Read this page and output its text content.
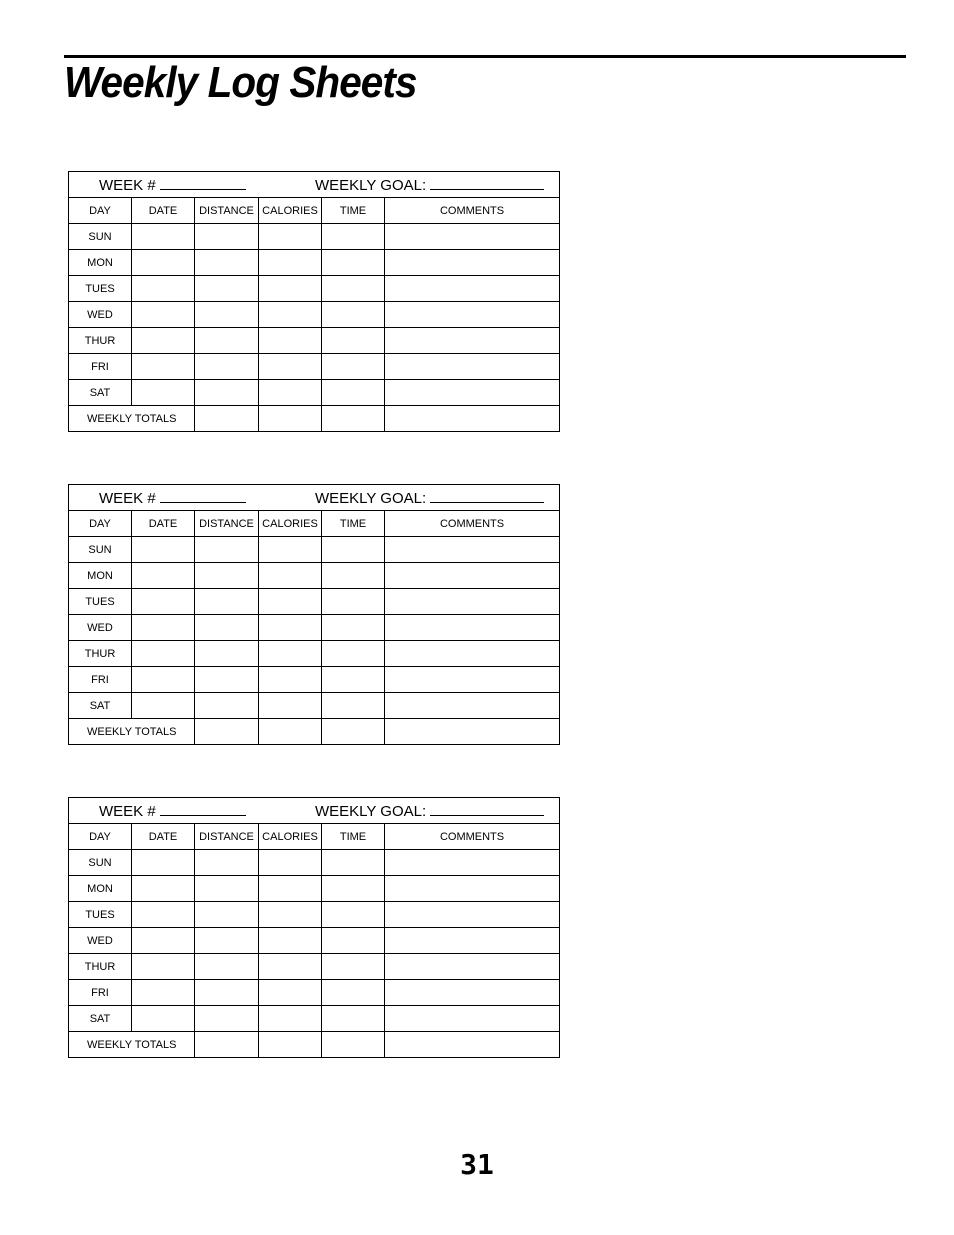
Weekly Log Sheets
WEEK # WEEKLY GOAL:					

DAY	DATE	DISTANCE	CALORIES	TIME	COMMENTS
SUN					
MON					
TUES					
WED					
THUR					
FRI					
SAT					
WEEKLY TOTALS					
WEEK # WEEKLY GOAL:					

DAY	DATE	DISTANCE	CALORIES	TIME	COMMENTS
SUN					
MON					
TUES					
WED					
THUR					
FRI					
SAT					
WEEKLY TOTALS					
WEEK # WEEKLY GOAL:					

DAY	DATE	DISTANCE	CALORIES	TIME	COMMENTS
SUN					
MON					
TUES					
WED					
THUR					
FRI					
SAT					
WEEKLY TOTALS					
31
